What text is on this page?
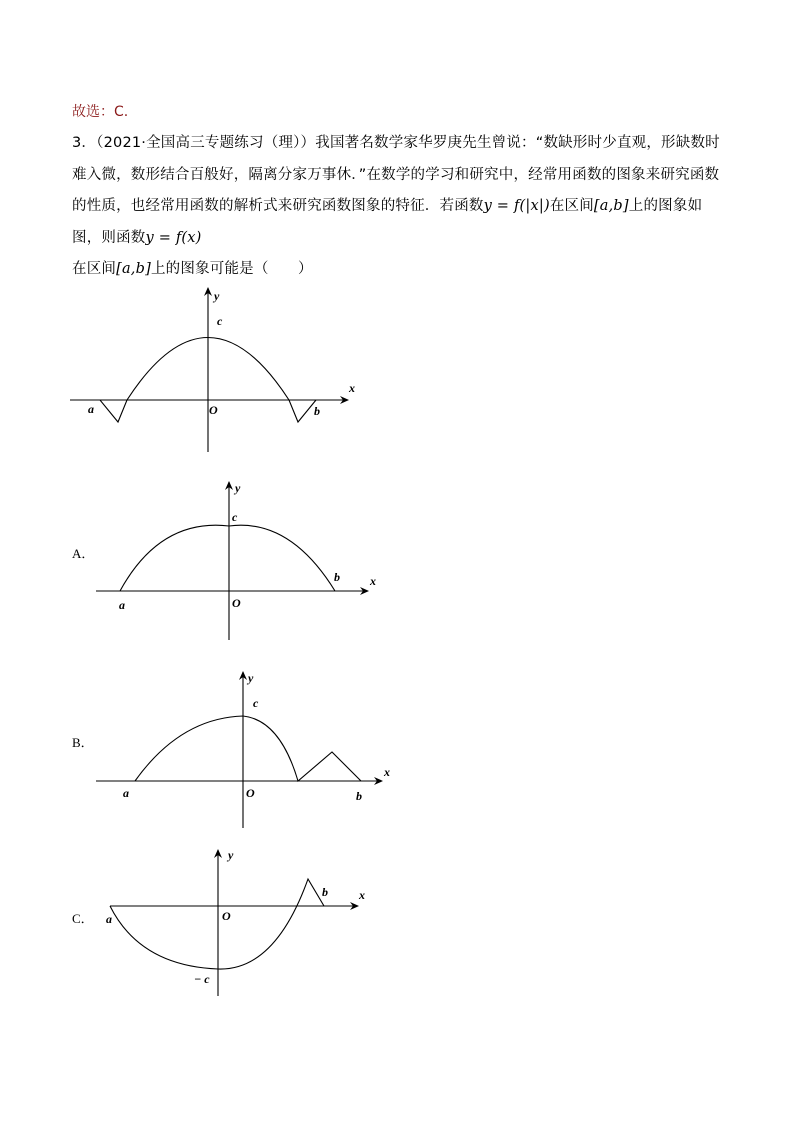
故选：C.
3．（2021·全国高三专题练习（理））我国著名数学家华罗庚先生曾说：“数缺形时少直观，形缺数时难入微，数形结合百般好，隔离分家万事休．”在数学的学习和研究中，经常用函数的图象来研究函数的性质，也经常用函数的解析式来研究函数图象的特征．若函数y = f(|x|)在区间[a,b]上的图象如图，则函数y = f(x)
在区间[a,b]上的图象可能是（　　 ）
y
c
x
a	O	b
A．
y
c
x
a	O
b
B．
y
c
x
a	O	b
C．
y
− c
x
a	O
b
